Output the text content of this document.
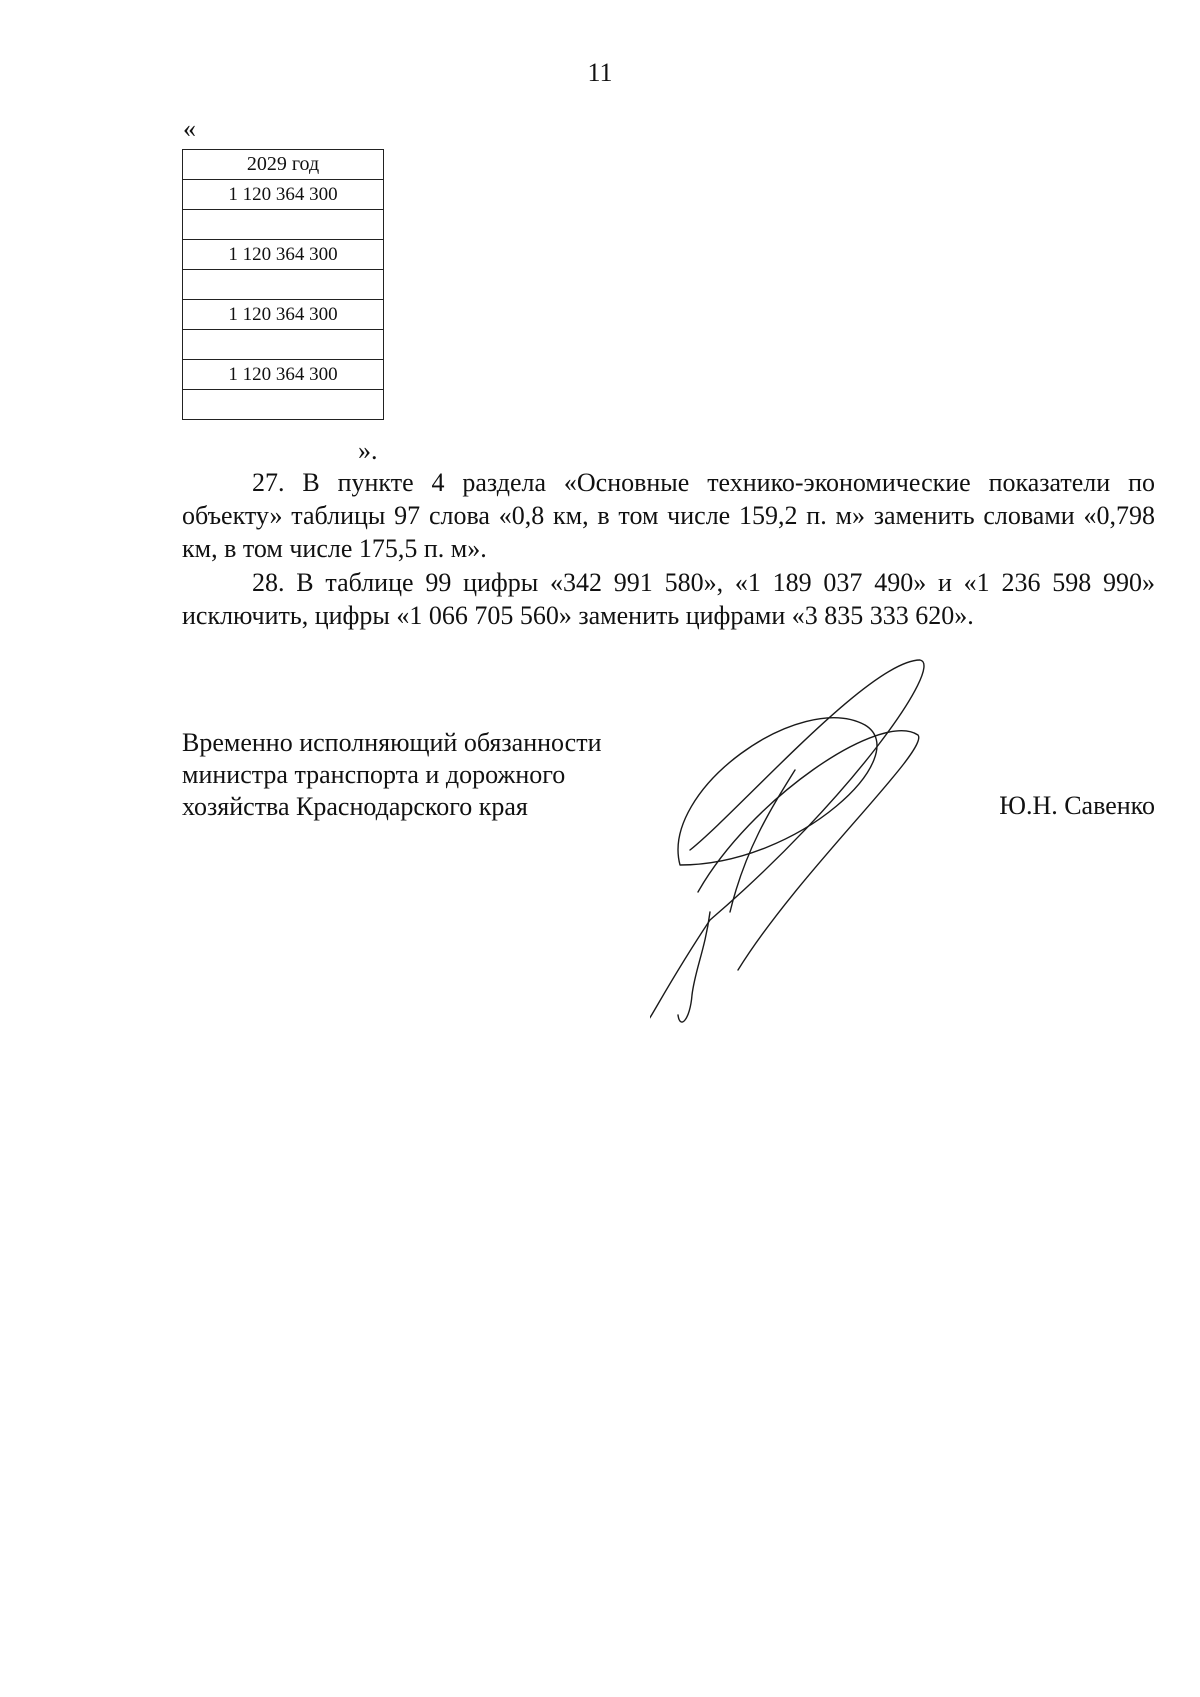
11
«
2029 год
1 120 364 300

1 120 364 300

1 120 364 300

1 120 364 300

».

27. В пункте 4 раздела «Основные технико-экономические показатели по объекту» таблицы 97 слова «0,8 км, в том числе 159,2 п. м» заменить словами «0,798 км, в том числе 175,5 п. м».

28. В таблице 99 цифры «342 991 580», «1 189 037 490» и «1 236 598 990» исключить, цифры «1 066 705 560» заменить цифрами «3 835 333 620».

Временно исполняющий обязанности
министра транспорта и дорожного
хозяйства Краснодарского края	Ю.Н. Савенко
